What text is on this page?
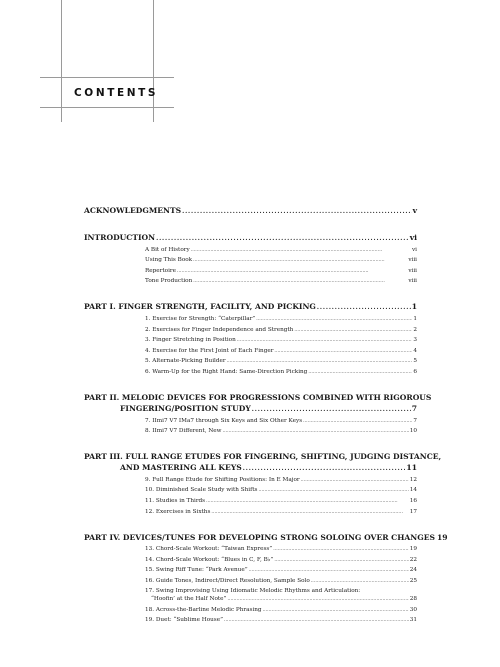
CONTENTS
ACKNOWLEDGMENTS . . .	v
INTRODUCTION . . .	vi
A Bit of History . . .	vi
Using This Book . . .	viii
Repertoire . . .	viii
Tone Production . . .	viii
PART I. FINGER STRENGTH, FACILITY, AND PICKING . . .	1
1. Exercise for Strength: “Caterpillar” . . .	1
2. Exercises for Finger Independence and Strength . . .	2
3. Finger Stretching in Position . . .	3
4. Exercise for the First Joint of Each Finger . . .	4
5. Alternate-Picking Builder . . .	5
6. Warm-Up for the Right Hand: Same-Direction Picking . . .	6
PART II. MELODIC DEVICES FOR PROGRESSIONS COMBINED WITH RIGOROUS
FINGERING/POSITION STUDY . . .	7
7. IImi7 V7 IMa7 through Six Keys and Six Other Keys . . .	7
8. IImi7 V7 Different, New . . .	10
PART III. FULL RANGE ETUDES FOR FINGERING, SHIFTING, JUDGING DISTANCE,
AND MASTERING ALL KEYS . . .	11
9. Full Range Etude for Shifting Positions: In E Major . . .	12
10. Diminished Scale Study with Shifts . . .	14
11. Studies in Thirds . . .	16
12. Exercises in Sixths . . .	17
PART IV. DEVICES/TUNES FOR DEVELOPING STRONG SOLOING OVER CHANGES 19
13. Chord-Scale Workout: “Taiwan Express” . . .	19
14. Chord-Scale Workout: “Blues in C, F, B♭” . . .	22
15. Swing Riff Tune: “Park Avenue” . . .	24
16. Guide Tones, Indirect/Direct Resolution, Sample Solo . . .	25
17. Swing Improvising Using Idiomatic Melodic Rhythms and Articulation:
“Hoofin’ at the Half Note” . . .	28
18. Across-the-Barline Melodic Phrasing . . .	30
19. Duet: “Sublime House” . . .	31
